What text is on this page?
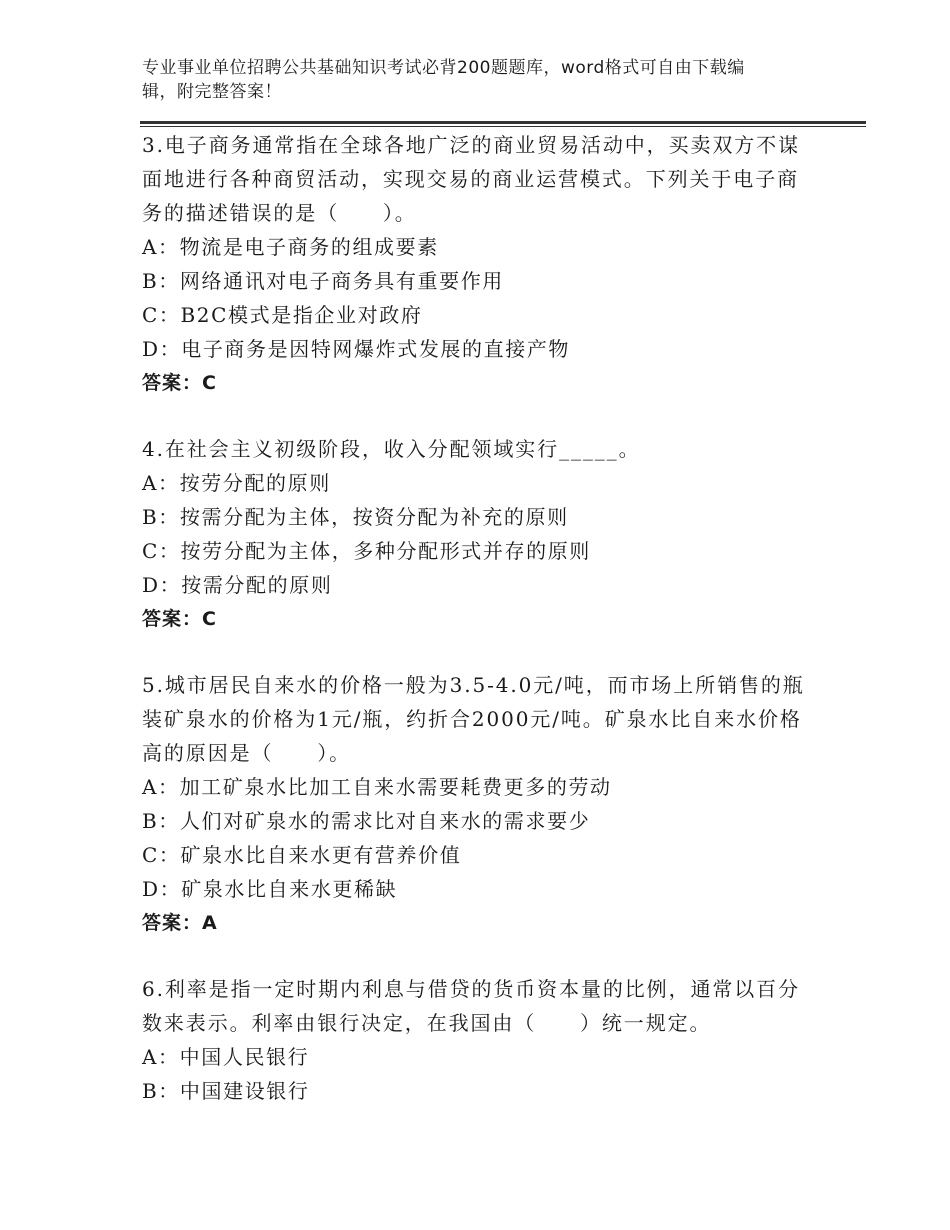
专业事业单位招聘公共基础知识考试必背200题题库，word格式可自由下载编
辑，附完整答案！
3.电子商务通常指在全球各地广泛的商业贸易活动中，买卖双方不谋
面地进行各种商贸活动，实现交易的商业运营模式。下列关于电子商
务的描述错误的是（　　）。
A：物流是电子商务的组成要素
B：网络通讯对电子商务具有重要作用
C：B2C模式是指企业对政府
D：电子商务是因特网爆炸式发展的直接产物
答案：C
4.在社会主义初级阶段，收入分配领域实行_____。
A：按劳分配的原则
B：按需分配为主体，按资分配为补充的原则
C：按劳分配为主体，多种分配形式并存的原则
D：按需分配的原则
答案：C
5.城市居民自来水的价格一般为3.5-4.0元/吨，而市场上所销售的瓶
装矿泉水的价格为1元/瓶，约折合2000元/吨。矿泉水比自来水价格
高的原因是（　　）。
A：加工矿泉水比加工自来水需要耗费更多的劳动
B：人们对矿泉水的需求比对自来水的需求要少
C：矿泉水比自来水更有营养价值
D：矿泉水比自来水更稀缺
答案：A
6.利率是指一定时期内利息与借贷的货币资本量的比例，通常以百分
数来表示。利率由银行决定，在我国由（　　）统一规定。
A：中国人民银行
B：中国建设银行
